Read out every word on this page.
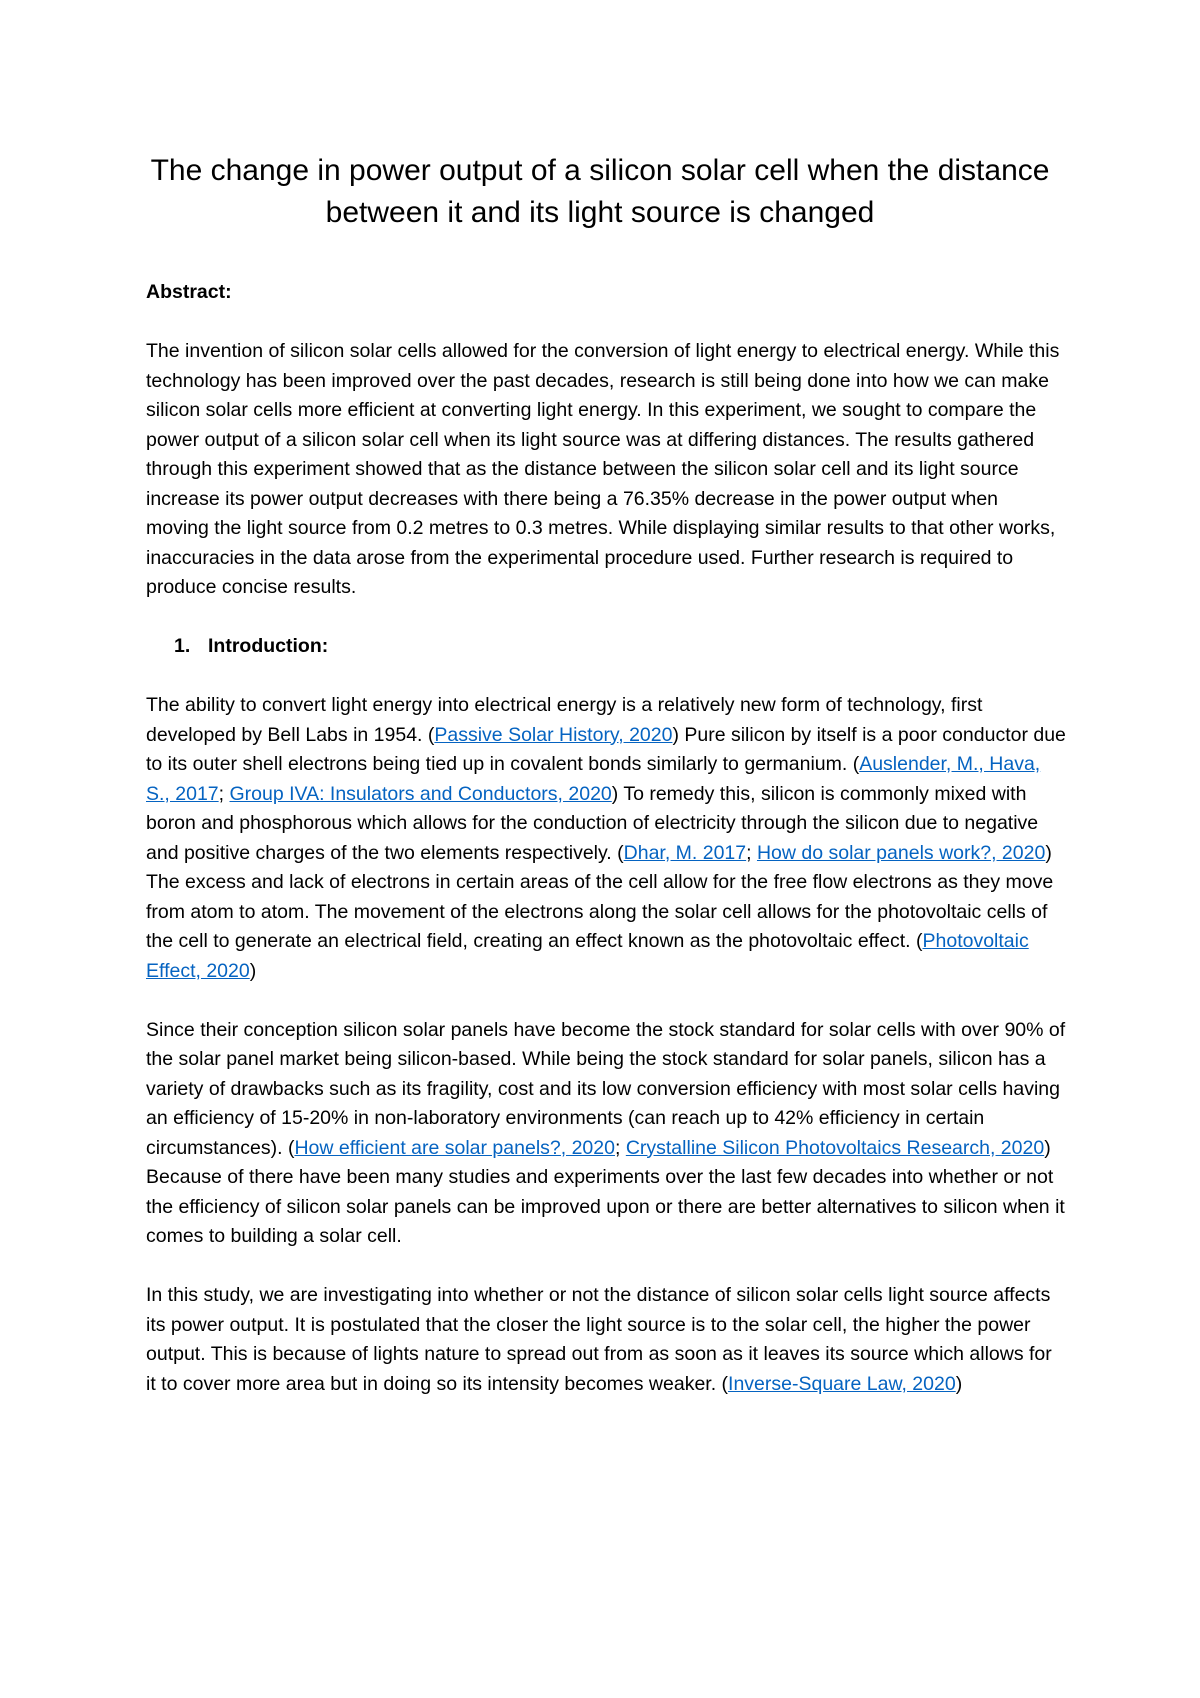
The change in power output of a silicon solar cell when the distance between it and its light source is changed

Abstract:

The invention of silicon solar cells allowed for the conversion of light energy to electrical energy. While this technology has been improved over the past decades, research is still being done into how we can make silicon solar cells more efficient at converting light energy. In this experiment, we sought to compare the power output of a silicon solar cell when its light source was at differing distances. The results gathered through this experiment showed that as the distance between the silicon solar cell and its light source increase its power output decreases with there being a 76.35% decrease in the power output when moving the light source from 0.2 metres to 0.3 metres. While displaying similar results to that other works, inaccuracies in the data arose from the experimental procedure used. Further research is required to produce concise results.

1. Introduction:

The ability to convert light energy into electrical energy is a relatively new form of technology, first developed by Bell Labs in 1954. (Passive Solar History, 2020) Pure silicon by itself is a poor conductor due to its outer shell electrons being tied up in covalent bonds similarly to germanium. (Auslender, M., Hava, S., 2017; Group IVA: Insulators and Conductors, 2020) To remedy this, silicon is commonly mixed with boron and phosphorous which allows for the conduction of electricity through the silicon due to negative and positive charges of the two elements respectively. (Dhar, M. 2017; How do solar panels work?, 2020) The excess and lack of electrons in certain areas of the cell allow for the free flow electrons as they move from atom to atom. The movement of the electrons along the solar cell allows for the photovoltaic cells of the cell to generate an electrical field, creating an effect known as the photovoltaic effect. (Photovoltaic Effect, 2020)

Since their conception silicon solar panels have become the stock standard for solar cells with over 90% of the solar panel market being silicon-based. While being the stock standard for solar panels, silicon has a variety of drawbacks such as its fragility, cost and its low conversion efficiency with most solar cells having an efficiency of 15-20% in non-laboratory environments (can reach up to 42% efficiency in certain circumstances). (How efficient are solar panels?, 2020; Crystalline Silicon Photovoltaics Research, 2020) Because of there have been many studies and experiments over the last few decades into whether or not the efficiency of silicon solar panels can be improved upon or there are better alternatives to silicon when it comes to building a solar cell.

In this study, we are investigating into whether or not the distance of silicon solar cells light source affects its power output. It is postulated that the closer the light source is to the solar cell, the higher the power output. This is because of lights nature to spread out from as soon as it leaves its source which allows for it to cover more area but in doing so its intensity becomes weaker. (Inverse-Square Law, 2020)
